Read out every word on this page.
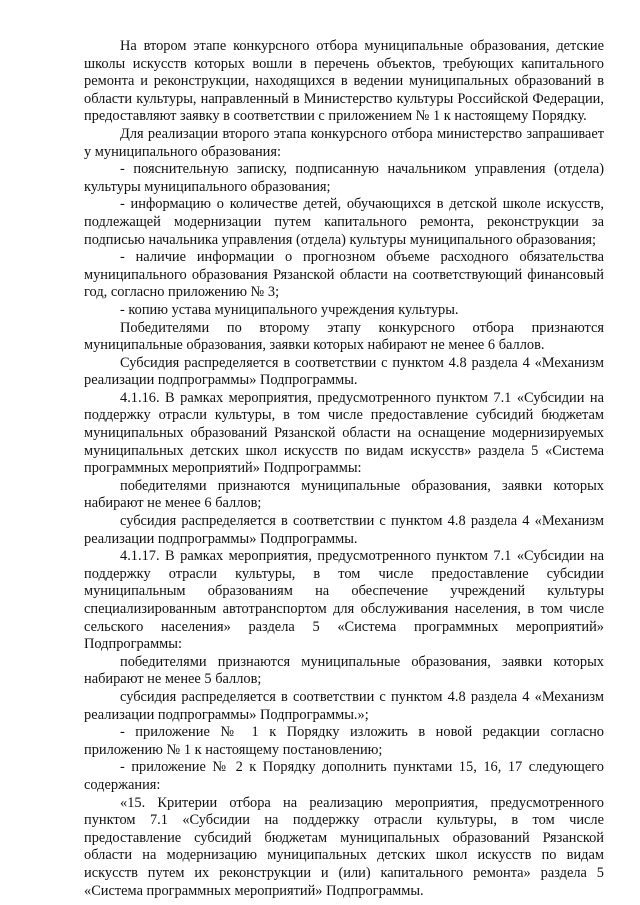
На втором этапе конкурсного отбора муниципальные образования, детские школы искусств которых вошли в перечень объектов, требующих капитального ремонта и реконструкции, находящихся в ведении муниципальных образований в области культуры, направленный в Министерство культуры Российской Федерации, предоставляют заявку в соответствии с приложением № 1 к настоящему Порядку.

Для реализации второго этапа конкурсного отбора министерство запрашивает у муниципального образования:

- пояснительную записку, подписанную начальником управления (отдела) культуры муниципального образования;

- информацию о количестве детей, обучающихся в детской школе искусств, подлежащей модернизации путем капитального ремонта, реконструкции за подписью начальника управления (отдела) культуры муниципального образования;

- наличие информации о прогнозном объеме расходного обязательства муниципального образования Рязанской области на соответствующий финансовый год, согласно приложению № 3;

- копию устава муниципального учреждения культуры.

Победителями по второму этапу конкурсного отбора признаются муниципальные образования, заявки которых набирают не менее 6 баллов.

Субсидия распределяется в соответствии с пунктом 4.8 раздела 4 «Механизм реализации подпрограммы» Подпрограммы.

4.1.16. В рамках мероприятия, предусмотренного пунктом 7.1 «Субсидии на поддержку отрасли культуры, в том числе предоставление субсидий бюджетам муниципальных образований Рязанской области на оснащение модернизируемых муниципальных детских школ искусств по видам искусств» раздела 5 «Система программных мероприятий» Подпрограммы:

победителями признаются муниципальные образования, заявки которых набирают не менее 6 баллов;

субсидия распределяется в соответствии с пунктом 4.8 раздела 4 «Механизм реализации подпрограммы» Подпрограммы.

4.1.17. В рамках мероприятия, предусмотренного пунктом 7.1 «Субсидии на поддержку отрасли культуры, в том числе предоставление субсидии муниципальным образованиям на обеспечение учреждений культуры специализированным автотранспортом для обслуживания населения, в том числе сельского населения» раздела 5 «Система программных мероприятий» Подпрограммы:

победителями признаются муниципальные образования, заявки которых набирают не менее 5 баллов;

субсидия распределяется в соответствии с пунктом 4.8 раздела 4 «Механизм реализации подпрограммы» Подпрограммы.»;

- приложение № 1 к Порядку изложить в новой редакции согласно приложению № 1 к настоящему постановлению;

- приложение № 2 к Порядку дополнить пунктами 15, 16, 17 следующего содержания:

«15. Критерии отбора на реализацию мероприятия, предусмотренного пунктом 7.1 «Субсидии на поддержку отрасли культуры, в том числе предоставление субсидий бюджетам муниципальных образований Рязанской области на модернизацию муниципальных детских школ искусств по видам искусств путем их реконструкции и (или) капитального ремонта» раздела 5 «Система программных мероприятий» Подпрограммы.
